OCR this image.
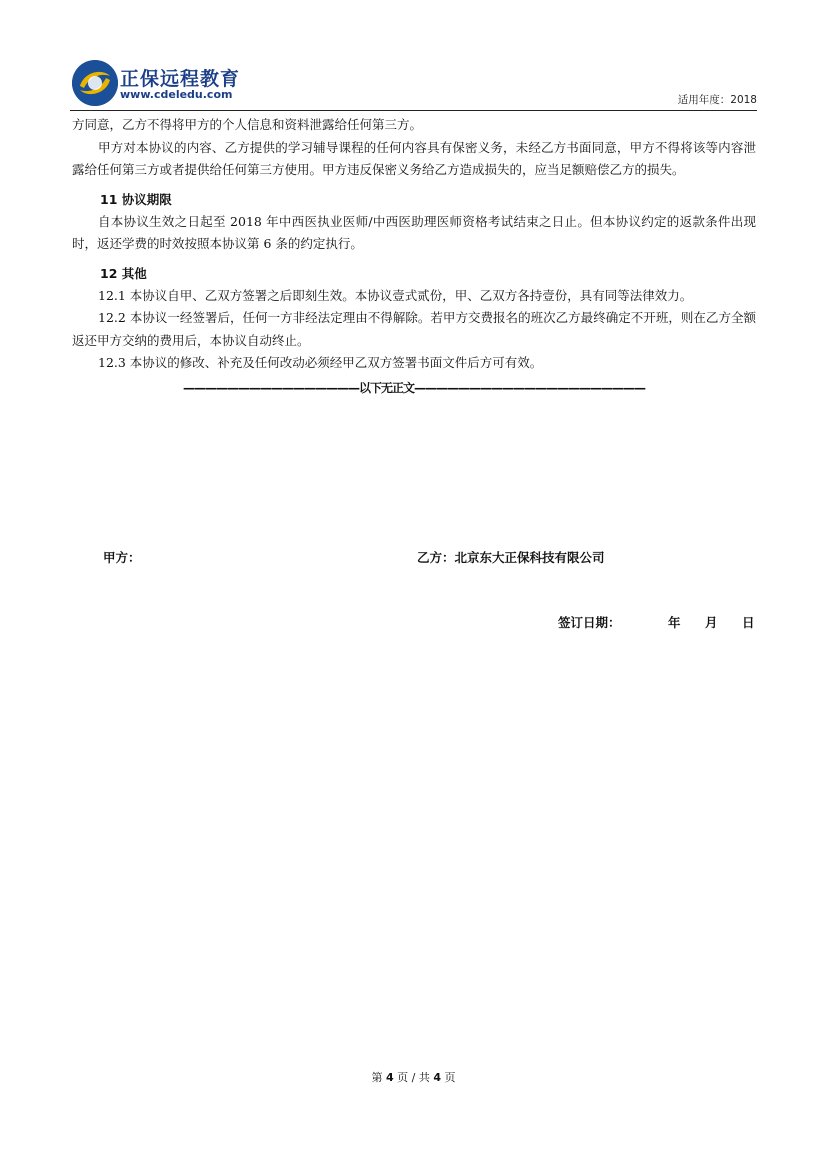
正保远程教育
www.cdeledu.com	适用年度：2018

方同意，乙方不得将甲方的个人信息和资料泄露给任何第三方。

甲方对本协议的内容、乙方提供的学习辅导课程的任何内容具有保密义务，未经乙方书面同意，甲方不得将该等内容泄露给任何第三方或者提供给任何第三方使用。甲方违反保密义务给乙方造成损失的，应当足额赔偿乙方的损失。

11 协议期限

自本协议生效之日起至 2018 年中西医执业医师/中西医助理医师资格考试结束之日止。但本协议约定的返款条件出现时，返还学费的时效按照本协议第 6 条的约定执行。

12 其他

12.1 本协议自甲、乙双方签署之后即刻生效。本协议壹式贰份，甲、乙双方各持壹份，具有同等法律效力。

12.2 本协议一经签署后，任何一方非经法定理由不得解除。若甲方交费报名的班次乙方最终确定不开班，则在乙方全额返还甲方交纳的费用后，本协议自动终止。

12.3 本协议的修改、补充及任何改动必须经甲乙双方签署书面文件后方可有效。

————————————————以下无正文—————————————————————
甲方：	乙方：北京东大正保科技有限公司
签订日期：	年 月 日
第 4 页 / 共 4 页
